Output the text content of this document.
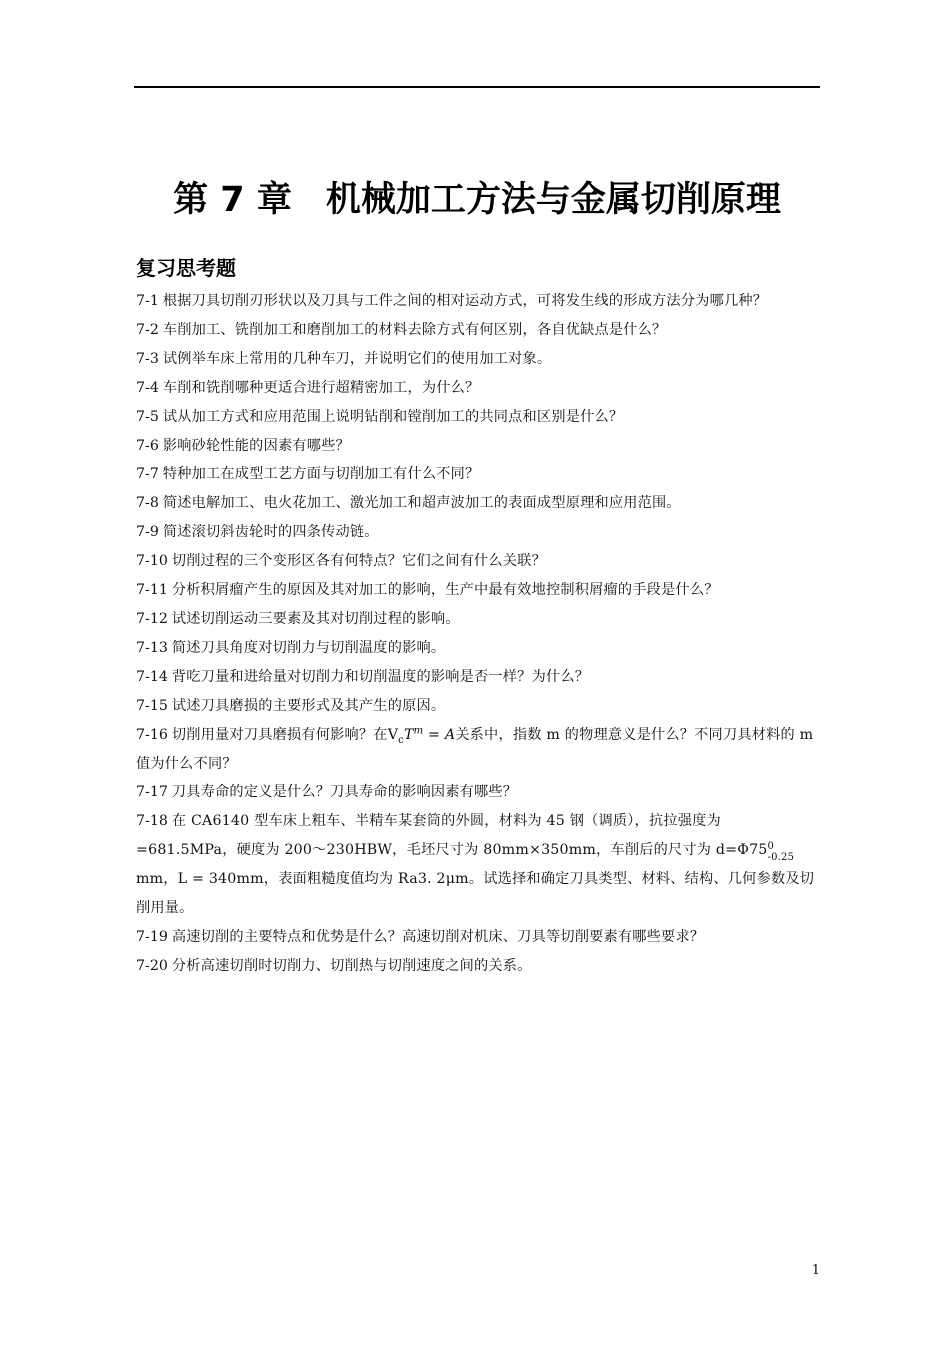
第 7 章 机械加工方法与金属切削原理
复习思考题
7-1 根据刀具切削刃形状以及刀具与工件之间的相对运动方式，可将发生线的形成方法分为哪几种？
7-2 车削加工、铣削加工和磨削加工的材料去除方式有何区别，各自优缺点是什么？
7-3 试例举车床上常用的几种车刀，并说明它们的使用加工对象。
7-4 车削和铣削哪种更适合进行超精密加工，为什么？
7-5 试从加工方式和应用范围上说明钻削和镗削加工的共同点和区别是什么？
7-6 影响砂轮性能的因素有哪些？
7-7 特种加工在成型工艺方面与切削加工有什么不同？
7-8 简述电解加工、电火花加工、激光加工和超声波加工的表面成型原理和应用范围。
7-9 简述滚切斜齿轮时的四条传动链。
7-10 切削过程的三个变形区各有何特点？它们之间有什么关联？
7-11 分析积屑瘤产生的原因及其对加工的影响，生产中最有效地控制积屑瘤的手段是什么？
7-12 试述切削运动三要素及其对切削过程的影响。
7-13 简述刀具角度对切削力与切削温度的影响。
7-14 背吃刀量和进给量对切削力和切削温度的影响是否一样？为什么？
7-15 试述刀具磨损的主要形式及其产生的原因。
7-16 切削用量对刀具磨损有何影响？在$V_cT^m = A$关系中，指数 m 的物理意义是什么？不同刀具材料的 m 值为什么不同？
7-17 刀具寿命的定义是什么？刀具寿命的影响因素有哪些？
7-18 在 CA6140 型车床上粗车、半精车某套筒的外圆，材料为 45 钢（调质），抗拉强度为=681.5MPa，硬度为 200～230HBW，毛坯尺寸为 80mm×350mm，车削后的尺寸为 d=Φ75 0
-0.25
mm，L = 340mm，表面粗糙度值均为 Ra3. 2μm。试选择和确定刀具类型、材料、结构、几何参数及切削用量。
7-19 高速切削的主要特点和优势是什么？高速切削对机床、刀具等切削要素有哪些要求？
7-20 分析高速切削时切削力、切削热与切削速度之间的关系。
1
